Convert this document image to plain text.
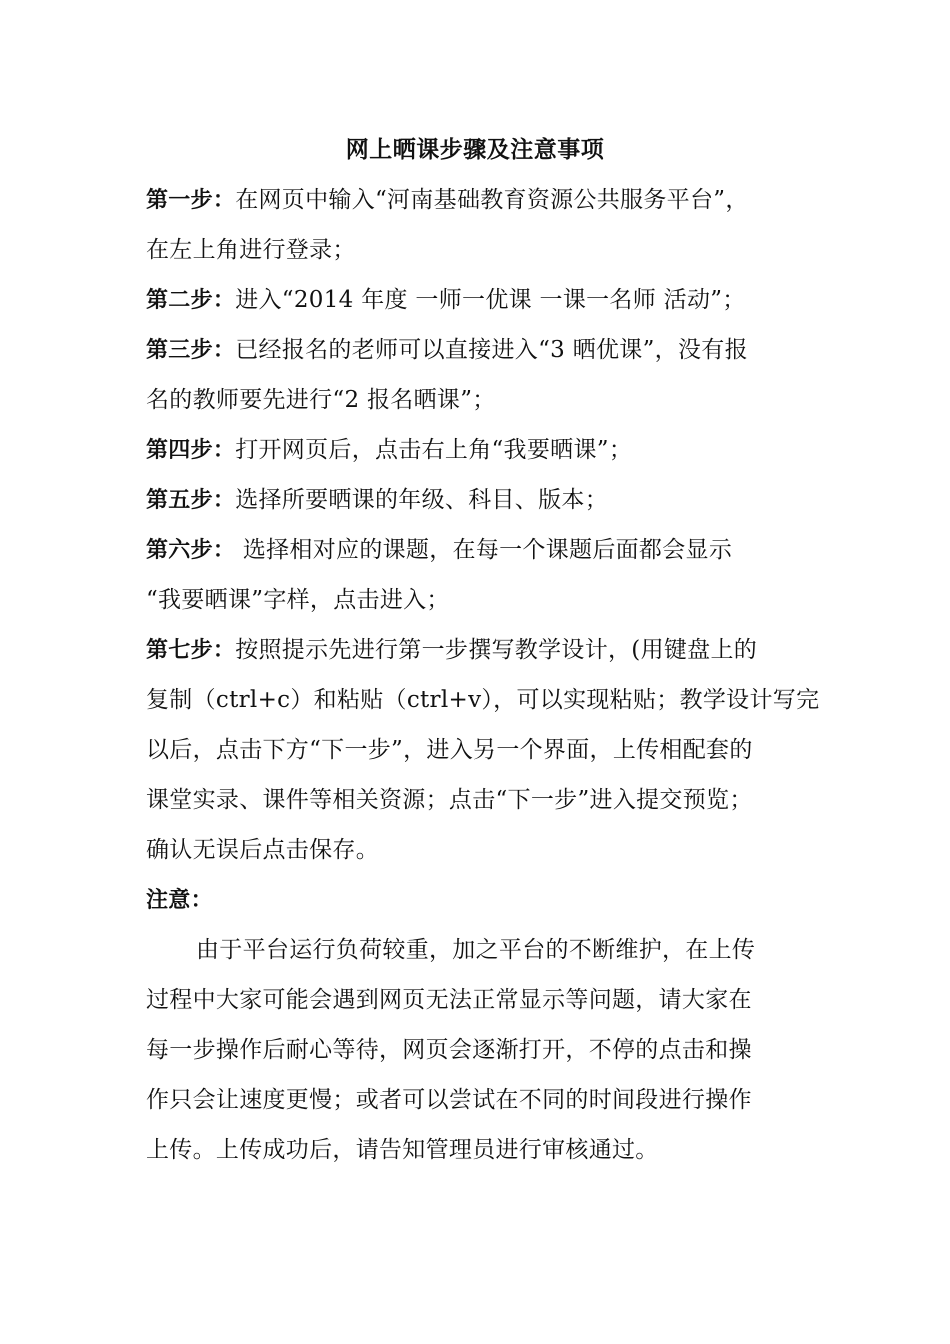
网上晒课步骤及注意事项
第一步：在网页中输入“河南基础教育资源公共服务平台”，
在左上角进行登录；
第二步：进入“2014 年度 一师一优课 一课一名师 活动”；
第三步：已经报名的老师可以直接进入“3 晒优课”，没有报
名的教师要先进行“2 报名晒课”；
第四步：打开网页后，点击右上角“我要晒课”；
第五步：选择所要晒课的年级、科目、版本；
第六步： 选择相对应的课题，在每一个课题后面都会显示
“我要晒课”字样，点击进入；
第七步：按照提示先进行第一步撰写教学设计，(用键盘上的
复制（ctrl+c）和粘贴（ctrl+v），可以实现粘贴；教学设计写完
以后，点击下方“下一步”，进入另一个界面，上传相配套的
课堂实录、课件等相关资源；点击“下一步”进入提交预览；
确认无误后点击保存。
注意：
由于平台运行负荷较重，加之平台的不断维护，在上传
过程中大家可能会遇到网页无法正常显示等问题，请大家在
每一步操作后耐心等待，网页会逐渐打开，不停的点击和操
作只会让速度更慢；或者可以尝试在不同的时间段进行操作
上传。上传成功后，请告知管理员进行审核通过。
